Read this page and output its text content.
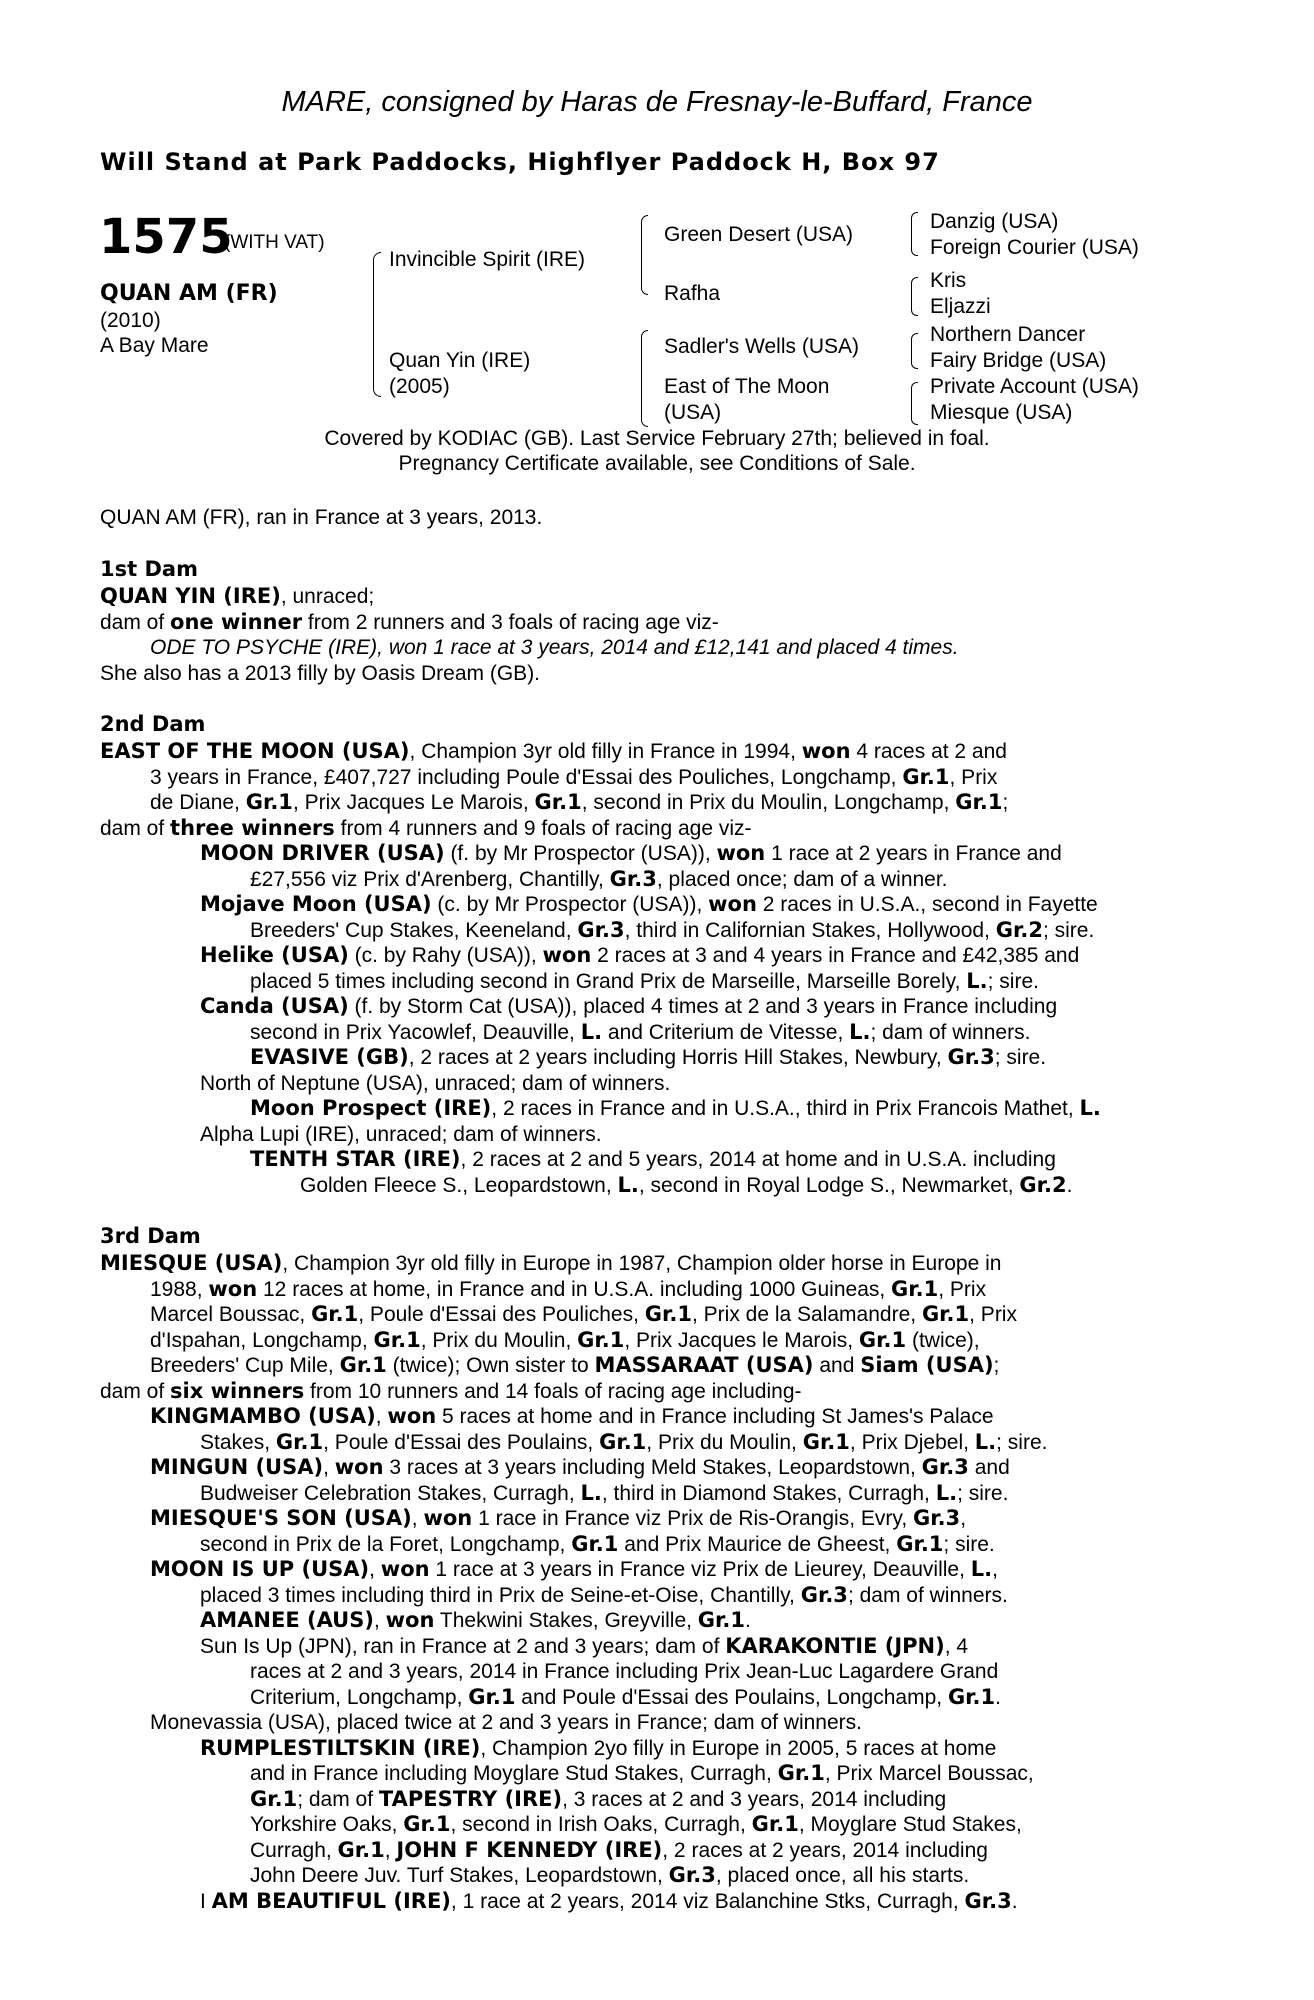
MARE, consigned by Haras de Fresnay-le-Buffard, France
Will Stand at Park Paddocks, Highflyer Paddock H, Box 97
1575
(WITH VAT)
QUAN AM (FR)
(2010)
A Bay Mare
Invincible Spirit (IRE)
Quan Yin (IRE)
(2005)
Green Desert (USA)
Rafha
Sadler's Wells (USA)
East of The Moon
(USA)
Danzig (USA)
Foreign Courier (USA)
Kris
Eljazzi
Northern Dancer
Fairy Bridge (USA)
Private Account (USA)
Miesque (USA)
Covered by KODIAC (GB). Last Service February 27th; believed in foal.
Pregnancy Certificate available, see Conditions of Sale.
QUAN AM (FR), ran in France at 3 years, 2013.
1st Dam
QUAN YIN (IRE), unraced;
dam of one winner from 2 runners and 3 foals of racing age viz-
ODE TO PSYCHE (IRE), won 1 race at 3 years, 2014 and £12,141 and placed 4 times.
She also has a 2013 filly by Oasis Dream (GB).
2nd Dam
EAST OF THE MOON (USA), Champion 3yr old filly in France in 1994, won 4 races at 2 and
3 years in France, £407,727 including Poule d'Essai des Pouliches, Longchamp, Gr.1, Prix
de Diane, Gr.1, Prix Jacques Le Marois, Gr.1, second in Prix du Moulin, Longchamp, Gr.1;
dam of three winners from 4 runners and 9 foals of racing age viz-
MOON DRIVER (USA) (f. by Mr Prospector (USA)), won 1 race at 2 years in France and
£27,556 viz Prix d'Arenberg, Chantilly, Gr.3, placed once; dam of a winner.
Mojave Moon (USA) (c. by Mr Prospector (USA)), won 2 races in U.S.A., second in Fayette
Breeders' Cup Stakes, Keeneland, Gr.3, third in Californian Stakes, Hollywood, Gr.2; sire.
Helike (USA) (c. by Rahy (USA)), won 2 races at 3 and 4 years in France and £42,385 and
placed 5 times including second in Grand Prix de Marseille, Marseille Borely, L.; sire.
Canda (USA) (f. by Storm Cat (USA)), placed 4 times at 2 and 3 years in France including
second in Prix Yacowlef, Deauville, L. and Criterium de Vitesse, L.; dam of winners.
EVASIVE (GB), 2 races at 2 years including Horris Hill Stakes, Newbury, Gr.3; sire.
North of Neptune (USA), unraced; dam of winners.
Moon Prospect (IRE), 2 races in France and in U.S.A., third in Prix Francois Mathet, L.
Alpha Lupi (IRE), unraced; dam of winners.
TENTH STAR (IRE), 2 races at 2 and 5 years, 2014 at home and in U.S.A. including
Golden Fleece S., Leopardstown, L., second in Royal Lodge S., Newmarket, Gr.2.
3rd Dam
MIESQUE (USA), Champion 3yr old filly in Europe in 1987, Champion older horse in Europe in
1988, won 12 races at home, in France and in U.S.A. including 1000 Guineas, Gr.1, Prix
Marcel Boussac, Gr.1, Poule d'Essai des Pouliches, Gr.1, Prix de la Salamandre, Gr.1, Prix
d'Ispahan, Longchamp, Gr.1, Prix du Moulin, Gr.1, Prix Jacques le Marois, Gr.1 (twice),
Breeders' Cup Mile, Gr.1 (twice); Own sister to MASSARAAT (USA) and Siam (USA);
dam of six winners from 10 runners and 14 foals of racing age including-
KINGMAMBO (USA), won 5 races at home and in France including St James's Palace
Stakes, Gr.1, Poule d'Essai des Poulains, Gr.1, Prix du Moulin, Gr.1, Prix Djebel, L.; sire.
MINGUN (USA), won 3 races at 3 years including Meld Stakes, Leopardstown, Gr.3 and
Budweiser Celebration Stakes, Curragh, L., third in Diamond Stakes, Curragh, L.; sire.
MIESQUE'S SON (USA), won 1 race in France viz Prix de Ris-Orangis, Evry, Gr.3,
second in Prix de la Foret, Longchamp, Gr.1 and Prix Maurice de Gheest, Gr.1; sire.
MOON IS UP (USA), won 1 race at 3 years in France viz Prix de Lieurey, Deauville, L.,
placed 3 times including third in Prix de Seine-et-Oise, Chantilly, Gr.3; dam of winners.
AMANEE (AUS), won Thekwini Stakes, Greyville, Gr.1.
Sun Is Up (JPN), ran in France at 2 and 3 years; dam of KARAKONTIE (JPN), 4
races at 2 and 3 years, 2014 in France including Prix Jean-Luc Lagardere Grand
Criterium, Longchamp, Gr.1 and Poule d'Essai des Poulains, Longchamp, Gr.1.
Monevassia (USA), placed twice at 2 and 3 years in France; dam of winners.
RUMPLESTILTSKIN (IRE), Champion 2yo filly in Europe in 2005, 5 races at home
and in France including Moyglare Stud Stakes, Curragh, Gr.1, Prix Marcel Boussac,
Gr.1; dam of TAPESTRY (IRE), 3 races at 2 and 3 years, 2014 including
Yorkshire Oaks, Gr.1, second in Irish Oaks, Curragh, Gr.1, Moyglare Stud Stakes,
Curragh, Gr.1, JOHN F KENNEDY (IRE), 2 races at 2 years, 2014 including
John Deere Juv. Turf Stakes, Leopardstown, Gr.3, placed once, all his starts.
I AM BEAUTIFUL (IRE), 1 race at 2 years, 2014 viz Balanchine Stks, Curragh, Gr.3.
